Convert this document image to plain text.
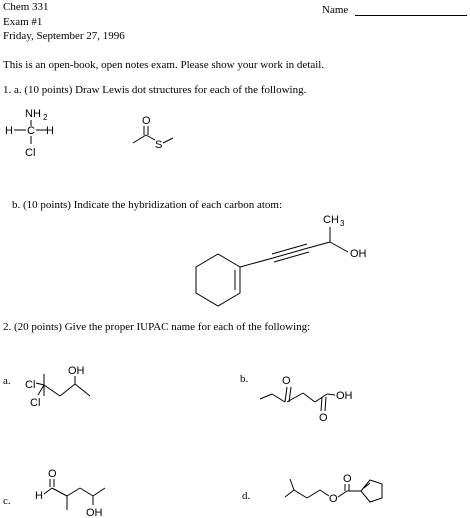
Chem 331
Exam #1
Friday, September 27, 1996
Name
This is an open-book, open notes exam. Please show your work in detail.
1. a. (10 points) Draw Lewis dot structures for each of the following.
NH 2
H C H
Cl
O
S
b. (10 points) Indicate the hybridization of each carbon atom:
CH 3
OH
2. (20 points) Give the proper IUPAC name for each of the following:
a. Cl
Cl
OH
b.	O
OH
O
c.
O
H
OH
d.	O
O
